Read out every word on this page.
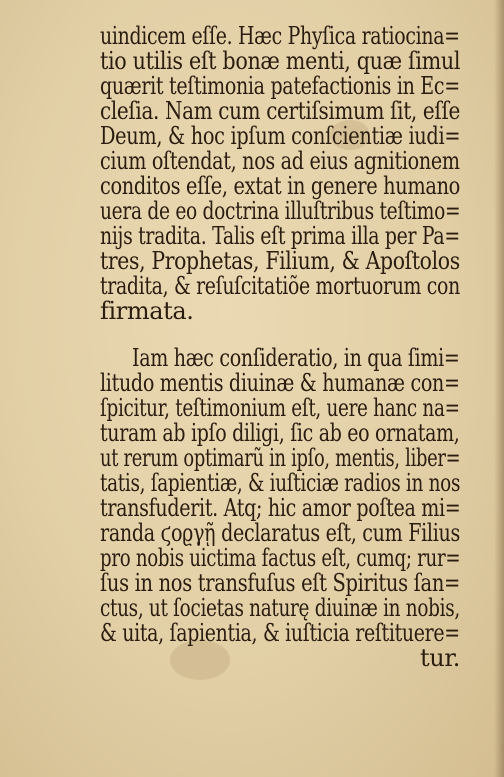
uindicem eſſe. Hæc Phyſica ratiocina=
tio utilis eſt bonæ menti, quæ ſimul
quærit teſtimonia patefactionis in Ec=
cleſia. Nam cum certiſsimum ſit, eſſe
Deum, & hoc ipſum conſcientiæ iudi=
cium oſtendat, nos ad eius agnitionem
conditos eſſe, extat in genere humano
uera de eo doctrina illuſtribus teſtimo=
nijs tradita. Talis eſt prima illa per Pa=
tres, Prophetas, Filium, & Apoſtolos
tradita, & reſuſcitatiõe mortuorum con
firmata.
Iam hæc conſideratio, in qua ſimi=
litudo mentis diuinæ & humanæ con=
ſpicitur, teſtimonium eſt, uere hanc na=
turam ab ipſo diligi, ſic ab eo ornatam,
ut rerum optimarũ in ipſo, mentis, liber=
tatis, ſapientiæ, & iuſticiæ radios in nos
transfuderit. Atq; hic amor poſtea mi=
randa ϛοϱγῇ declaratus eſt, cum Filius
pro nobis uictima factus eſt, cumq; rur=
ſus in nos transfuſus eſt Spiritus ſan=
ctus, ut ſocietas naturę diuinæ in nobis,
& uita, ſapientia, & iuſticia reſtituere=
tur.
